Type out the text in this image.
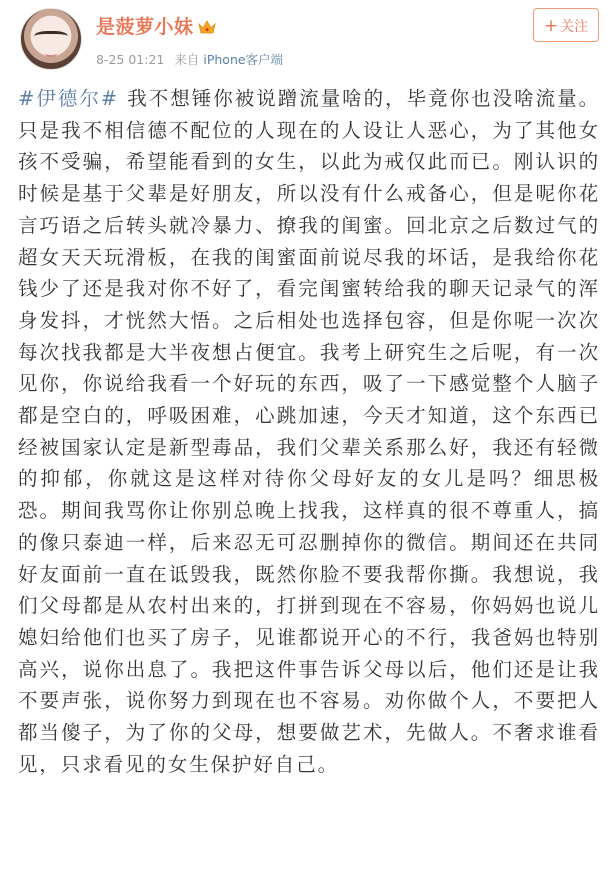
是菠萝小妹
8-25 01:21 来自 iPhone客户端
+ 关注

#伊德尔# 我不想锤你被说蹭流量啥的，毕竟你也没啥流量。只是我不相信德不配位的人现在的人设让人恶心，为了其他女孩不受骗，希望能看到的女生，以此为戒仅此而已。刚认识的时候是基于父辈是好朋友，所以没有什么戒备心，但是呢你花言巧语之后转头就冷暴力、撩我的闺蜜。回北京之后数过气的超女天天玩滑板，在我的闺蜜面前说尽我的坏话，是我给你花钱少了还是我对你不好了，看完闺蜜转给我的聊天记录气的浑身发抖，才恍然大悟。之后相处也选择包容，但是你呢一次次每次找我都是大半夜想占便宜。我考上研究生之后呢，有一次见你，你说给我看一个好玩的东西，吸了一下感觉整个人脑子都是空白的，呼吸困难，心跳加速，今天才知道，这个东西已经被国家认定是新型毒品，我们父辈关系那么好，我还有轻微的抑郁，你就这是这样对待你父母好友的女儿是吗？细思极恐。期间我骂你让你别总晚上找我，这样真的很不尊重人，搞的像只泰迪一样，后来忍无可忍删掉你的微信。期间还在共同好友面前一直在诋毁我，既然你脸不要我帮你撕。我想说，我们父母都是从农村出来的，打拼到现在不容易，你妈妈也说儿媳妇给他们也买了房子，见谁都说开心的不行，我爸妈也特别高兴，说你出息了。我把这件事告诉父母以后，他们还是让我不要声张，说你努力到现在也不容易。劝你做个人，不要把人都当傻子，为了你的父母，想要做艺术，先做人。不奢求谁看见，只求看见的女生保护好自己。
